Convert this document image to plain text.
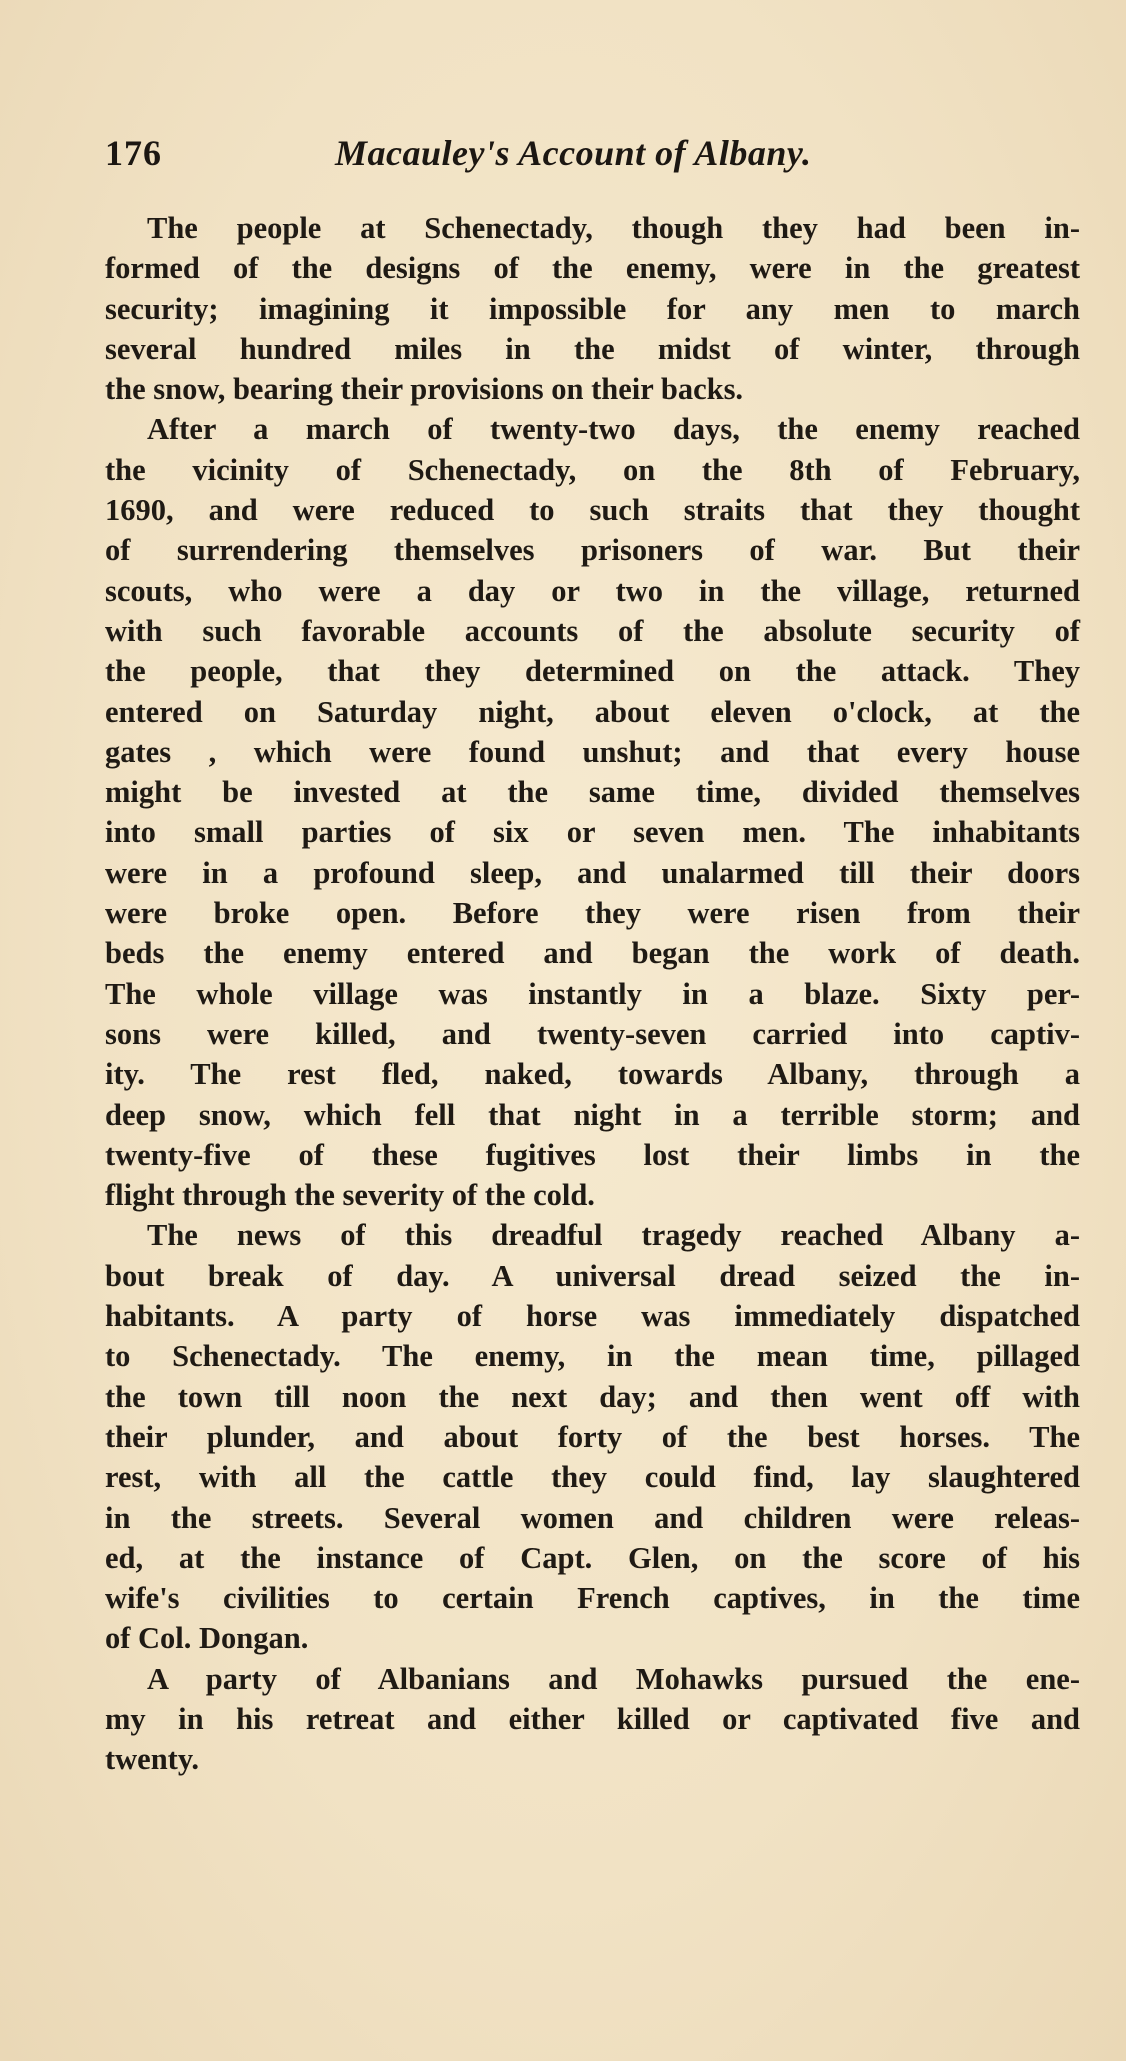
176	Macauley's Account of Albany.
The people at Schenectady, though they had been in-
formed of the designs of the enemy, were in the greatest
security; imagining it impossible for any men to march
several hundred miles in the midst of winter, through
the snow, bearing their provisions on their backs.
After a march of twenty-two days, the enemy reached
the vicinity of Schenectady, on the 8th of February,
1690, and were reduced to such straits that they thought
of surrendering themselves prisoners of war. But their
scouts, who were a day or two in the village, returned
with such favorable accounts of the absolute security of
the people, that they determined on the attack. They
entered on Saturday night, about eleven o'clock, at the
gates , which were found unshut; and that every house
might be invested at the same time, divided themselves
into small parties of six or seven men. The inhabitants
were in a profound sleep, and unalarmed till their doors
were broke open. Before they were risen from their
beds the enemy entered and began the work of death.
The whole village was instantly in a blaze. Sixty per-
sons were killed, and twenty-seven carried into captiv-
ity. The rest fled, naked, towards Albany, through a
deep snow, which fell that night in a terrible storm; and
twenty-five of these fugitives lost their limbs in the
flight through the severity of the cold.
The news of this dreadful tragedy reached Albany a-
bout break of day. A universal dread seized the in-
habitants. A party of horse was immediately dispatched
to Schenectady. The enemy, in the mean time, pillaged
the town till noon the next day; and then went off with
their plunder, and about forty of the best horses. The
rest, with all the cattle they could find, lay slaughtered
in the streets. Several women and children were releas-
ed, at the instance of Capt. Glen, on the score of his
wife's civilities to certain French captives, in the time
of Col. Dongan.
A party of Albanians and Mohawks pursued the ene-
my in his retreat and either killed or captivated five and
twenty.
